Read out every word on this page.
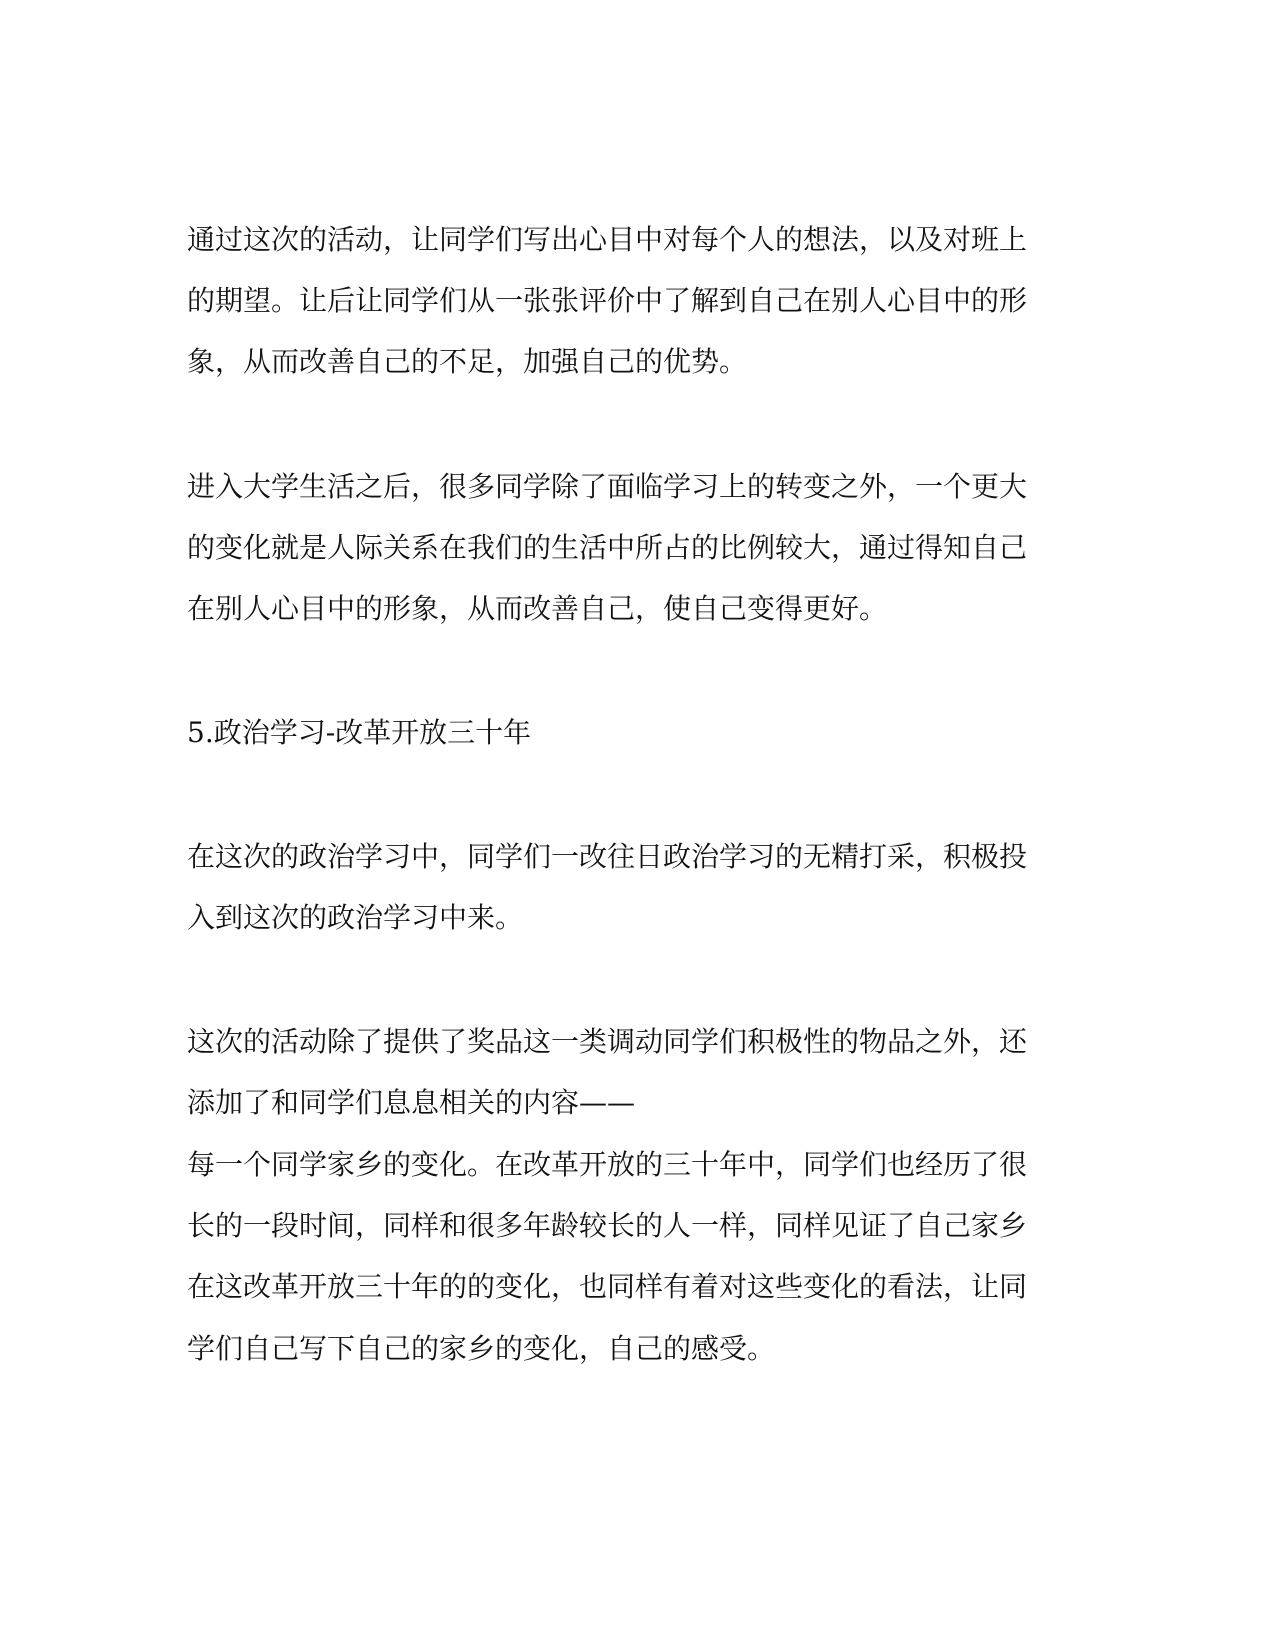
通过这次的活动，让同学们写出心目中对每个人的想法，以及对班上
的期望。让后让同学们从一张张评价中了解到自己在别人心目中的形
象，从而改善自己的不足，加强自己的优势。
进入大学生活之后，很多同学除了面临学习上的转变之外，一个更大
的变化就是人际关系在我们的生活中所占的比例较大，通过得知自己
在别人心目中的形象，从而改善自己，使自己变得更好。
5.政治学习-改革开放三十年
在这次的政治学习中，同学们一改往日政治学习的无精打采，积极投
入到这次的政治学习中来。
这次的活动除了提供了奖品这一类调动同学们积极性的物品之外，还
添加了和同学们息息相关的内容——
每一个同学家乡的变化。在改革开放的三十年中，同学们也经历了很
长的一段时间，同样和很多年龄较长的人一样，同样见证了自己家乡
在这改革开放三十年的的变化，也同样有着对这些变化的看法，让同
学们自己写下自己的家乡的变化，自己的感受。
